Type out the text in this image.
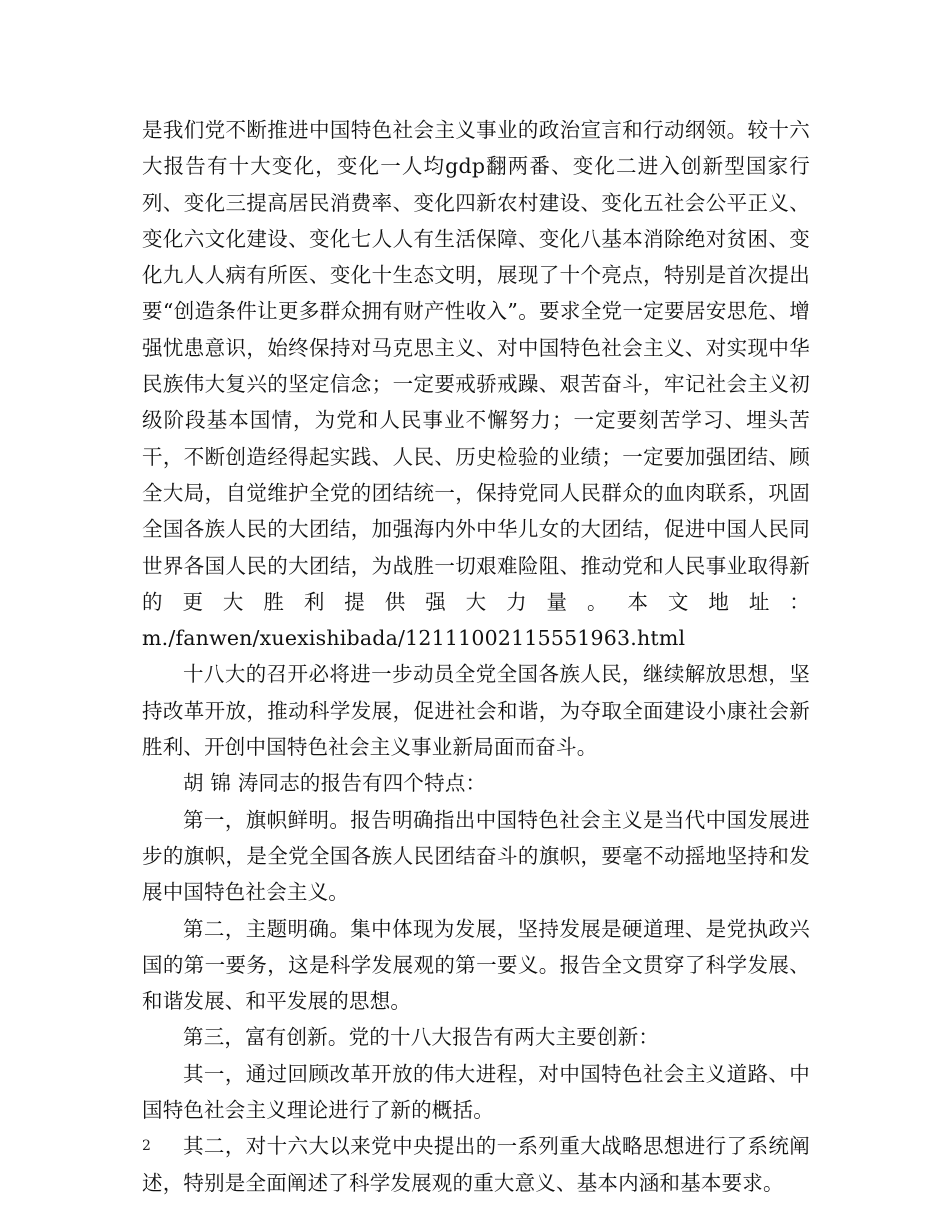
是我们党不断推进中国特色社会主义事业的政治宣言和行动纲领。较十六大报告有十大变化，变化一人均gdp翻两番、变化二进入创新型国家行列、变化三提高居民消费率、变化四新农村建设、变化五社会公平正义、变化六文化建设、变化七人人有生活保障、变化八基本消除绝对贫困、变化九人人病有所医、变化十生态文明，展现了十个亮点，特别是首次提出要“创造条件让更多群众拥有财产性收入”。要求全党一定要居安思危、增强忧患意识，始终保持对马克思主义、对中国特色社会主义、对实现中华民族伟大复兴的坚定信念；一定要戒骄戒躁、艰苦奋斗，牢记社会主义初级阶段基本国情，为党和人民事业不懈努力；一定要刻苦学习、埋头苦干，不断创造经得起实践、人民、历史检验的业绩；一定要加强团结、顾全大局，自觉维护全党的团结统一，保持党同人民群众的血肉联系，巩固全国各族人民的大团结，加强海内外中华儿女的大团结，促进中国人民同世界各国人民的大团结，为战胜一切艰难险阻、推动党和人民事业取得新的更大胜利提供强大力量。本文地址：m./fanwen/xuexishibada/12111002115551963.html

十八大的召开必将进一步动员全党全国各族人民，继续解放思想，坚持改革开放，推动科学发展，促进社会和谐，为夺取全面建设小康社会新胜利、开创中国特色社会主义事业新局面而奋斗。

胡 锦 涛同志的报告有四个特点：

第一，旗帜鲜明。报告明确指出中国特色社会主义是当代中国发展进步的旗帜，是全党全国各族人民团结奋斗的旗帜，要毫不动摇地坚持和发展中国特色社会主义。

第二，主题明确。集中体现为发展，坚持发展是硬道理、是党执政兴国的第一要务，这是科学发展观的第一要义。报告全文贯穿了科学发展、和谐发展、和平发展的思想。

第三，富有创新。党的十八大报告有两大主要创新：

其一，通过回顾改革开放的伟大进程，对中国特色社会主义道路、中国特色社会主义理论进行了新的概括。

其二，对十六大以来党中央提出的一系列重大战略思想进行了系统阐述，特别是全面阐述了科学发展观的重大意义、基本内涵和基本要求。

2
